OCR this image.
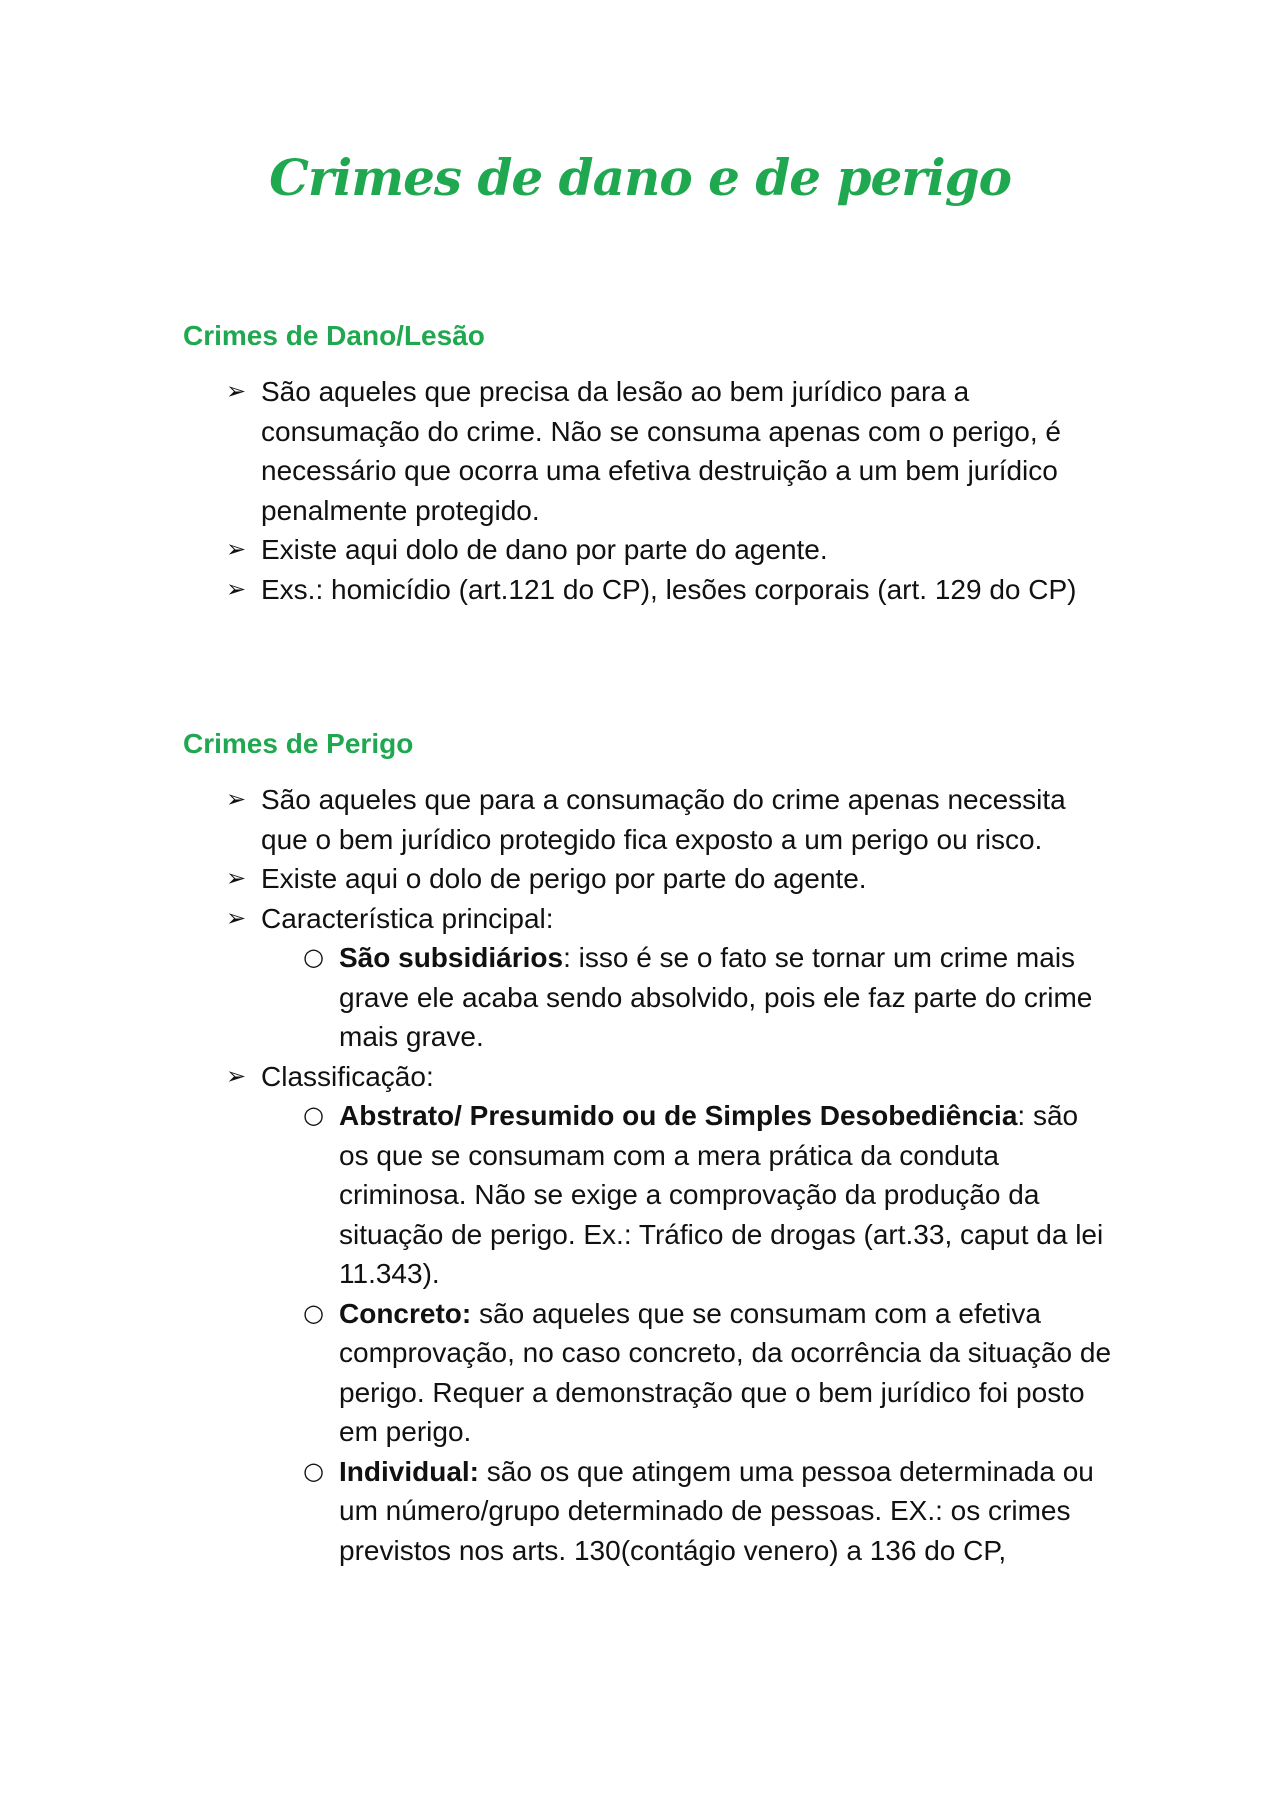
Crimes de dano e de perigo
Crimes de Dano/Lesão
➢ São aqueles que precisa da lesão ao bem jurídico para a consumação do crime. Não se consuma apenas com o perigo, é necessário que ocorra uma efetiva destruição a um bem jurídico penalmente protegido.
➢ Existe aqui dolo de dano por parte do agente.
➢ Exs.: homicídio (art.121 do CP), lesões corporais (art. 129 do CP)
Crimes de Perigo
➢ São aqueles que para a consumação do crime apenas necessita que o bem jurídico protegido fica exposto a um perigo ou risco.
➢ Existe aqui o dolo de perigo por parte do agente.
➢ Característica principal:
○ São subsidiários: isso é se o fato se tornar um crime mais grave ele acaba sendo absolvido, pois ele faz parte do crime mais grave.
➢ Classificação:
○ Abstrato/ Presumido ou de Simples Desobediência: são os que se consumam com a mera prática da conduta criminosa. Não se exige a comprovação da produção da situação de perigo. Ex.: Tráfico de drogas (art.33, caput da lei 11.343).
○ Concreto: são aqueles que se consumam com a efetiva comprovação, no caso concreto, da ocorrência da situação de perigo. Requer a demonstração que o bem jurídico foi posto em perigo.
○ Individual: são os que atingem uma pessoa determinada ou um número/grupo determinado de pessoas. EX.: os crimes previstos nos arts. 130(contágio venero) a 136 do CP,
